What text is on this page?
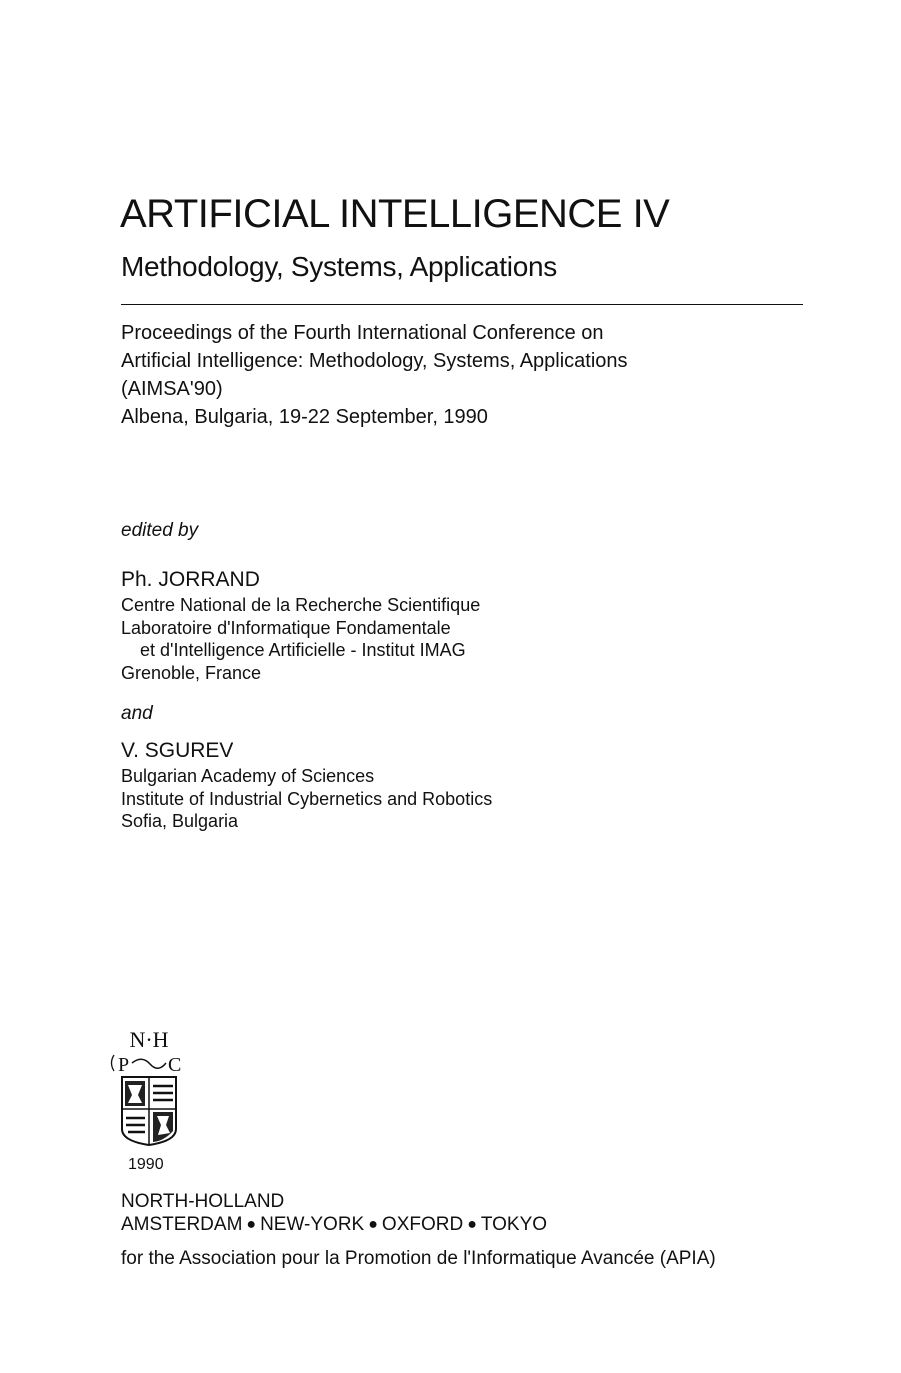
ARTIFICIAL INTELLIGENCE IV
Methodology, Systems, Applications
Proceedings of the Fourth International Conference on
Artificial Intelligence: Methodology, Systems, Applications
(AIMSA'90)
Albena, Bulgaria, 19-22 September, 1990
edited by
Ph. JORRAND
Centre National de la Recherche Scientifique
Laboratoire d'Informatique Fondamentale
et d'Intelligence Artificielle - Institut IMAG
Grenoble, France
and
V. SGUREV
Bulgarian Academy of Sciences
Institute of Industrial Cybernetics and Robotics
Sofia, Bulgaria
N·H
P C
1990
NORTH-HOLLAND
AMSTERDAM ● NEW-YORK ● OXFORD ● TOKYO
for the Association pour la Promotion de l'Informatique Avancée (APIA)
